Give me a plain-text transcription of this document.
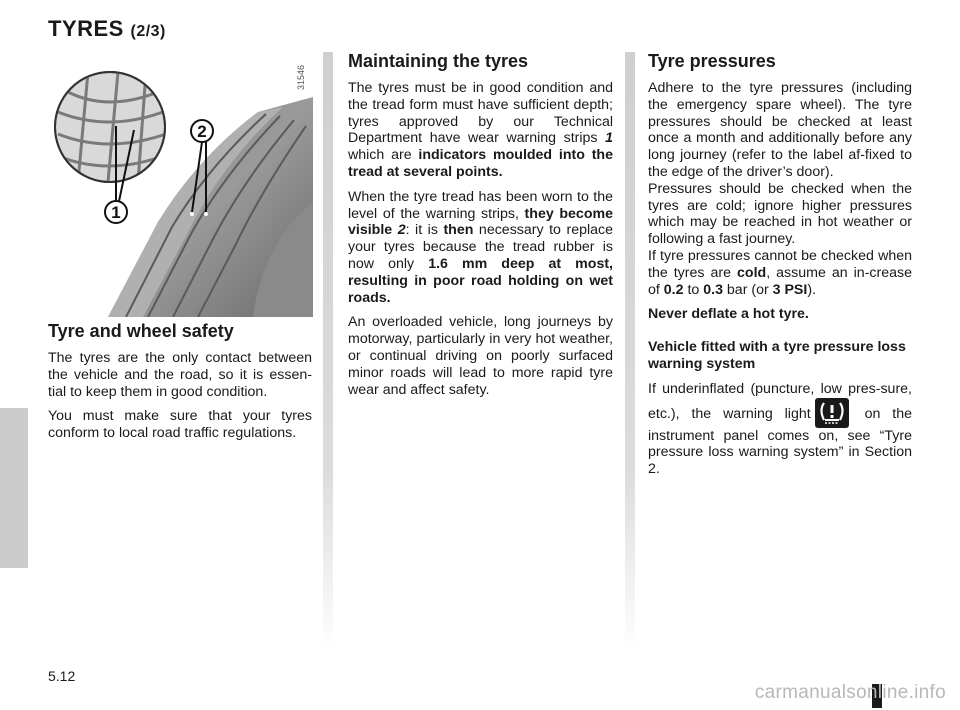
TYRES (2/3)
1
2
31546
Tyre and wheel safety

The tyres are the only contact between the vehicle and the road, so it is essen-tial to keep them in good condition.

You must make sure that your tyres conform to local road traffic regulations.

Maintaining the tyres

The tyres must be in good condition and the tread form must have sufficient depth; tyres approved by our Technical Department have wear warning strips 1 which are indicators moulded into the tread at several points.

When the tyre tread has been worn to the level of the warning strips, they become visible 2: it is then necessary to replace your tyres because the tread rubber is now only 1.6 mm deep at most, resulting in poor road holding on wet roads.

An overloaded vehicle, long journeys by motorway, particularly in very hot weather, or continual driving on poorly surfaced minor roads will lead to more rapid tyre wear and affect safety.

Tyre pressures

Adhere to the tyre pressures (including the emergency spare wheel). The tyre pressures should be checked at least once a month and additionally before any long journey (refer to the label af-fixed to the edge of the driver’s door).

Pressures should be checked when the tyres are cold; ignore higher pressures which may be reached in hot weather or following a fast journey.

If tyre pressures cannot be checked when the tyres are cold, assume an in-crease of 0.2 to 0.3 bar (or 3 PSI).

Never deflate a hot tyre.

Vehicle fitted with a tyre pressure loss warning system

If underinflated (puncture, low pres-sure, etc.), the warning light	on the instrument panel comes on, see “Tyre pressure loss warning system” in Section 2.

5.12
carmanualsonline.info
